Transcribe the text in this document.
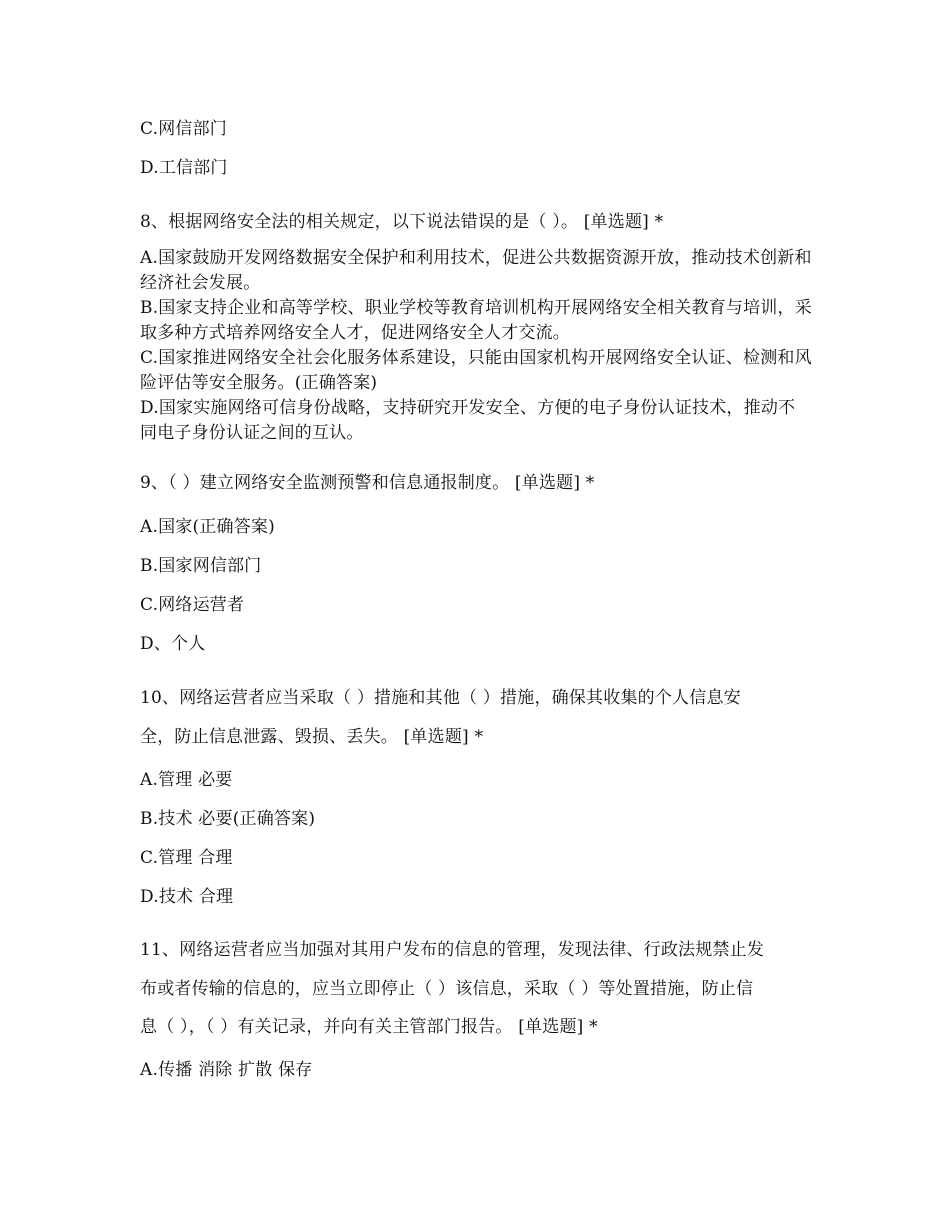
C.网信部门
D.工信部门
8、根据网络安全法的相关规定，以下说法错误的是（ ）。 [单选题] *
A.国家鼓励开发网络数据安全保护和利用技术，促进公共数据资源开放，推动技术创新和经济社会发展。
B.国家支持企业和高等学校、职业学校等教育培训机构开展网络安全相关教育与培训，采取多种方式培养网络安全人才，促进网络安全人才交流。
C.国家推进网络安全社会化服务体系建设，只能由国家机构开展网络安全认证、检测和风险评估等安全服务。(正确答案)
D.国家实施网络可信身份战略，支持研究开发安全、方便的电子身份认证技术，推动不同电子身份认证之间的互认。
9、（ ）建立网络安全监测预警和信息通报制度。 [单选题] *
A.国家(正确答案)
B.国家网信部门
C.网络运营者
D、个人
10、网络运营者应当采取（ ）措施和其他（ ）措施，确保其收集的个人信息安
全，防止信息泄露、毁损、丢失。 [单选题] *
A.管理 必要
B.技术 必要(正确答案)
C.管理 合理
D.技术 合理
11、网络运营者应当加强对其用户发布的信息的管理，发现法律、行政法规禁止发
布或者传输的信息的，应当立即停止（ ）该信息，采取（ ）等处置措施，防止信
息（ ），（ ）有关记录，并向有关主管部门报告。 [单选题] *
A.传播 消除 扩散 保存
